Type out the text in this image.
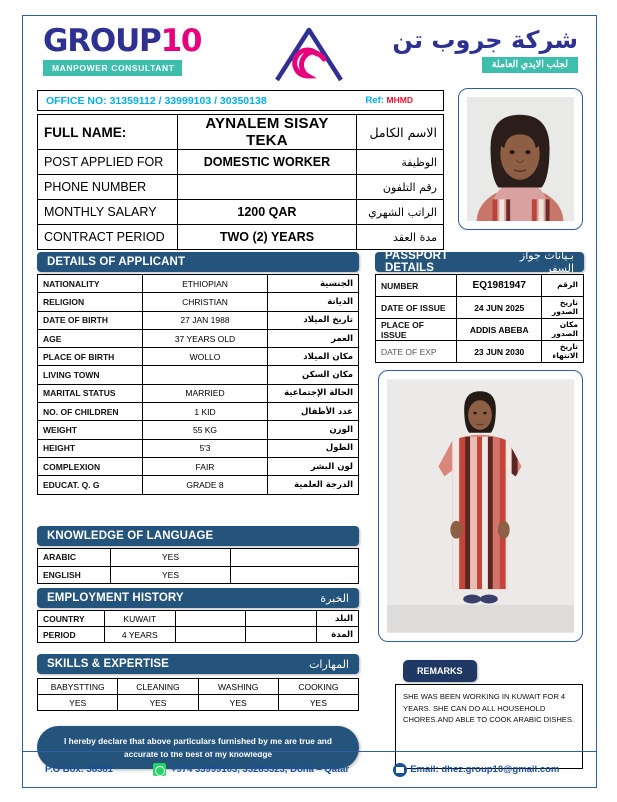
GROUP10
MANPOWER CONSULTANT
شركة جروب تن
لجلب الايدي العاملة
OFFICE NO: 31359112 / 33999103 / 30350138	Ref: MHMD
FULL NAME:	AYNALEM SISAY TEKA	الاسم الكامل
POST APPLIED FOR	DOMESTIC WORKER	الوظيفة
PHONE NUMBER		رقم التلفون
MONTHLY SALARY	1200 QAR	الراتب الشهري
CONTRACT PERIOD	TWO (2) YEARS	مدة العقد
DETAILS OF APPLICANT
NATIONALITY	ETHIOPIAN	الجنسية
RELIGION	CHRISTIAN	الديانة
DATE OF BIRTH	27 JAN 1988	تاريخ الميلاد
AGE	37 YEARS OLD	العمر
PLACE OF BIRTH	WOLLO	مكان الميلاد
LIVING TOWN		مكان السكن
MARITAL STATUS	MARRIED	الحالة الإجتماعية
NO. OF CHILDREN	1 KID	عدد الأطفال
WEIGHT	55 KG	الوزن
HEIGHT	5'3	الطول
COMPLEXION	FAIR	لون البشر
EDUCAT. Q. G	GRADE 8	الدرجة العلمية
PASSPORT DETAILS
بـيانات جواز السفر
NUMBER	EQ1981947	الرقم
DATE OF ISSUE	24 JUN 2025	تاريخ الصدور
PLACE OF ISSUE	ADDIS ABEBA	مكان الصدور
DATE OF EXP	23 JUN 2030	تاريخ الانتهاء
KNOWLEDGE OF LANGUAGE
ARABIC	YES	
ENGLISH	YES	
EMPLOYMENT HISTORY	الخبرة
COUNTRY	KUWAIT			البلد
PERIOD	4 YEARS			المدة
SKILLS & EXPERTISE	المهارات
BABYSTTING	CLEANING	WASHING	COOKING
YES	YES	YES	YES
I hereby declare that above particulars furnished by me are true and accurate to the best of my knowledge
REMARKS
SHE WAS BEEN WORKING IN KUWAIT FOR 4 YEARS. SHE CAN DO ALL HOUSEHOLD CHORES.AND ABLE TO COOK ARABIC DISHES.
P.O Box: 38381	+974 33999103, 33285323, Doha – Qatar	Email: dhez.group10@gmail.com
